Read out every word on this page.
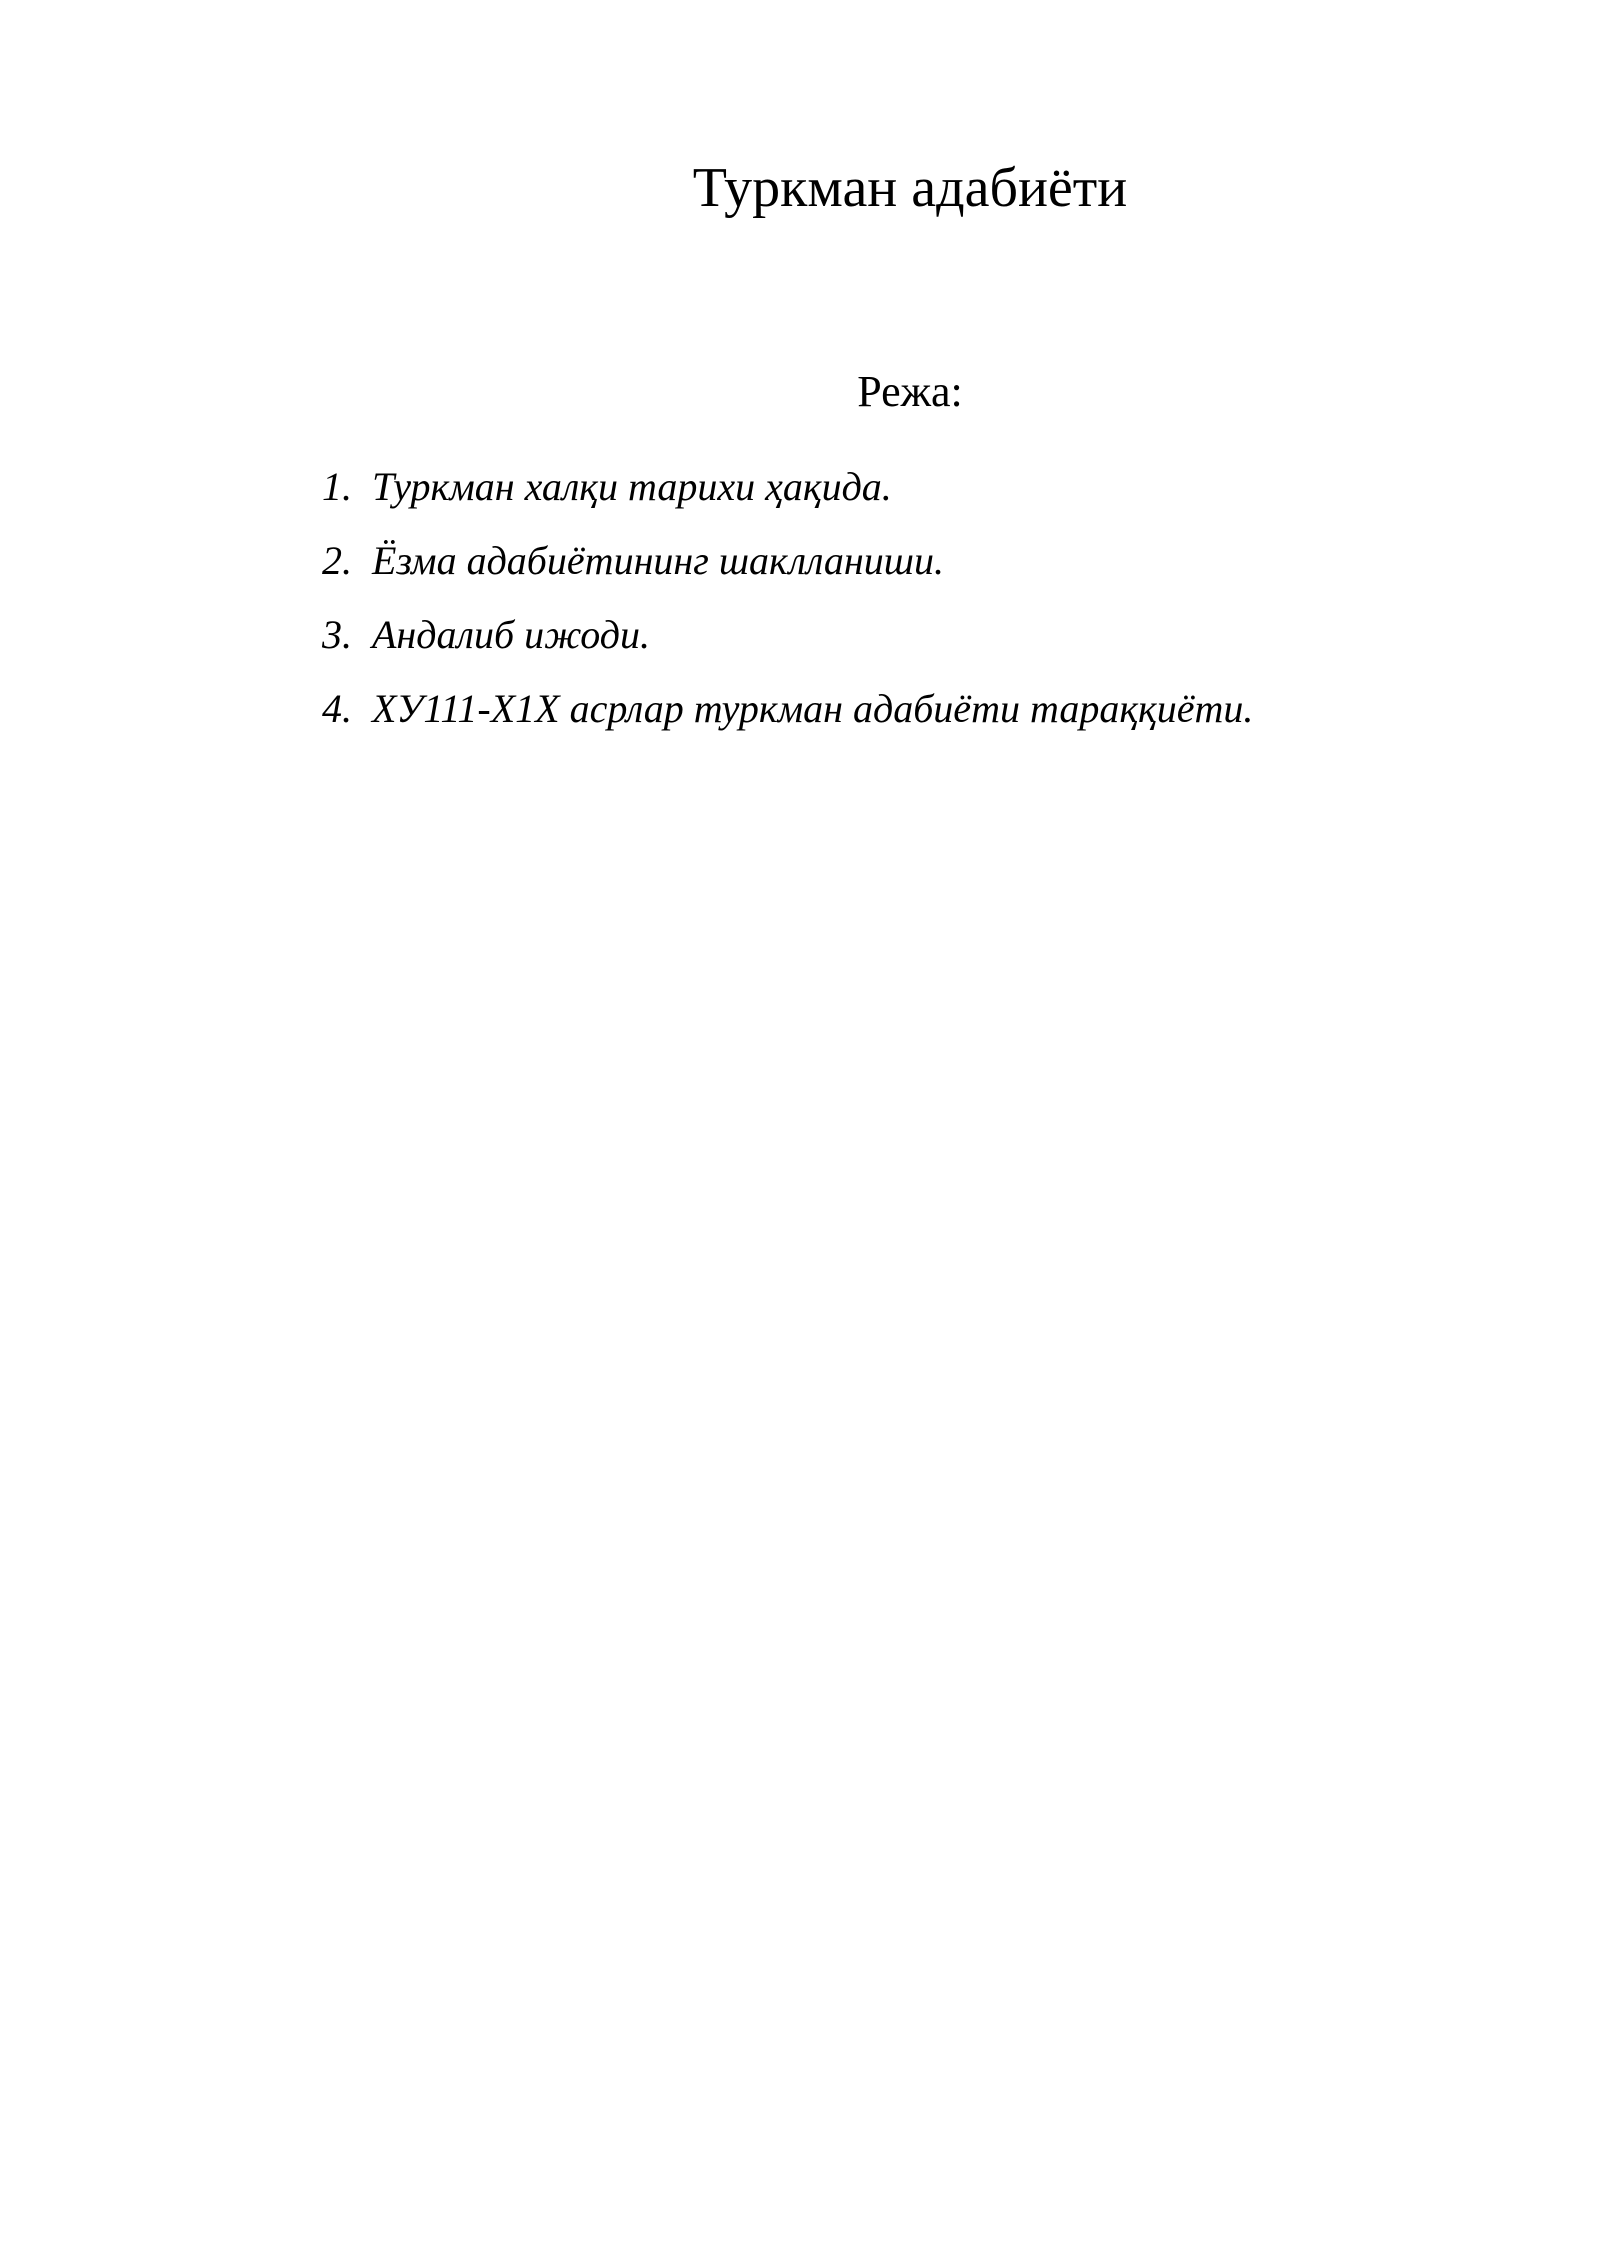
Туркман адабиёти
Режа:
1. Туркман халқи тарихи ҳақида.
2. Ёзма адабиётининг шаклланиши.
3. Андалиб ижоди.
4. ХУ111-Х1Х асрлар туркман адабиёти тараққиёти.
